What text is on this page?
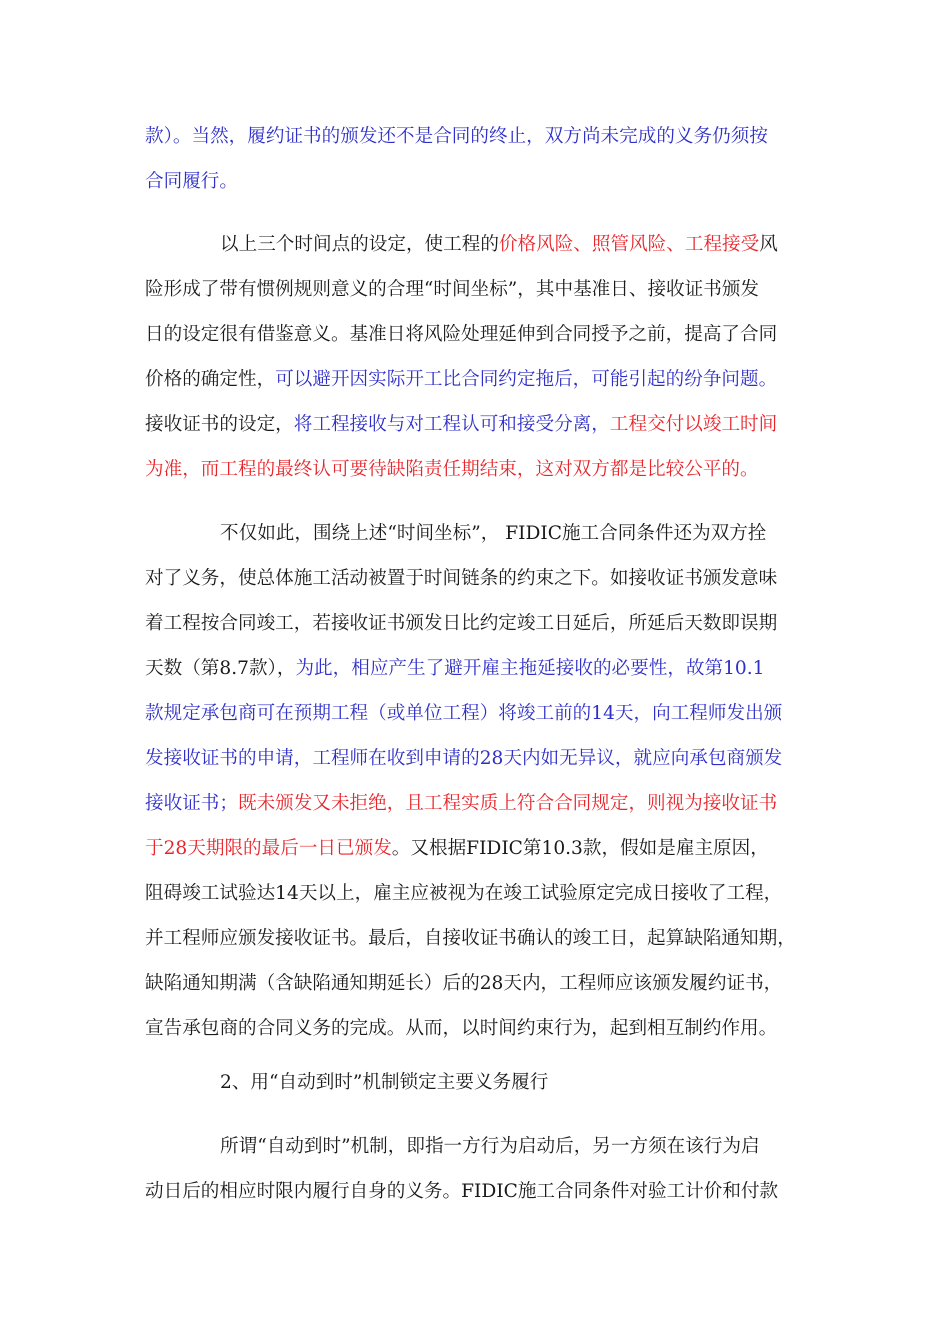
款）。当然，履约证书的颁发还不是合同的终止，双方尚未完成的义务仍须按
合同履行。
以上三个时间点的设定，使工程的价格风险、照管风险、工程接受风
险形成了带有惯例规则意义的合理“时间坐标”，其中基准日、接收证书颁发
日的设定很有借鉴意义。基准日将风险处理延伸到合同授予之前，提高了合同
价格的确定性，可以避开因实际开工比合同约定拖后，可能引起的纷争问题。
接收证书的设定，将工程接收与对工程认可和接受分离，工程交付以竣工时间
为准，而工程的最终认可要待缺陷责任期结束，这对双方都是比较公平的。
不仅如此，围绕上述“时间坐标”， FIDIC施工合同条件还为双方拴
对了义务，使总体施工活动被置于时间链条的约束之下。如接收证书颁发意味
着工程按合同竣工，若接收证书颁发日比约定竣工日延后，所延后天数即误期
天数（第8.7款），为此，相应产生了避开雇主拖延接收的必要性，故第10.1
款规定承包商可在预期工程（或单位工程）将竣工前的14天，向工程师发出颁
发接收证书的申请，工程师在收到申请的28天内如无异议，就应向承包商颁发
接收证书；既未颁发又未拒绝，且工程实质上符合合同规定，则视为接收证书
于28天期限的最后一日已颁发。又根据FIDIC第10.3款，假如是雇主原因，
阻碍竣工试验达14天以上，雇主应被视为在竣工试验原定完成日接收了工程，
并工程师应颁发接收证书。最后，自接收证书确认的竣工日，起算缺陷通知期，
缺陷通知期满（含缺陷通知期延长）后的28天内，工程师应该颁发履约证书，
宣告承包商的合同义务的完成。从而，以时间约束行为，起到相互制约作用。
2、用“自动到时”机制锁定主要义务履行
所谓“自动到时”机制，即指一方行为启动后，另一方须在该行为启
动日后的相应时限内履行自身的义务。FIDIC施工合同条件对验工计价和付款
